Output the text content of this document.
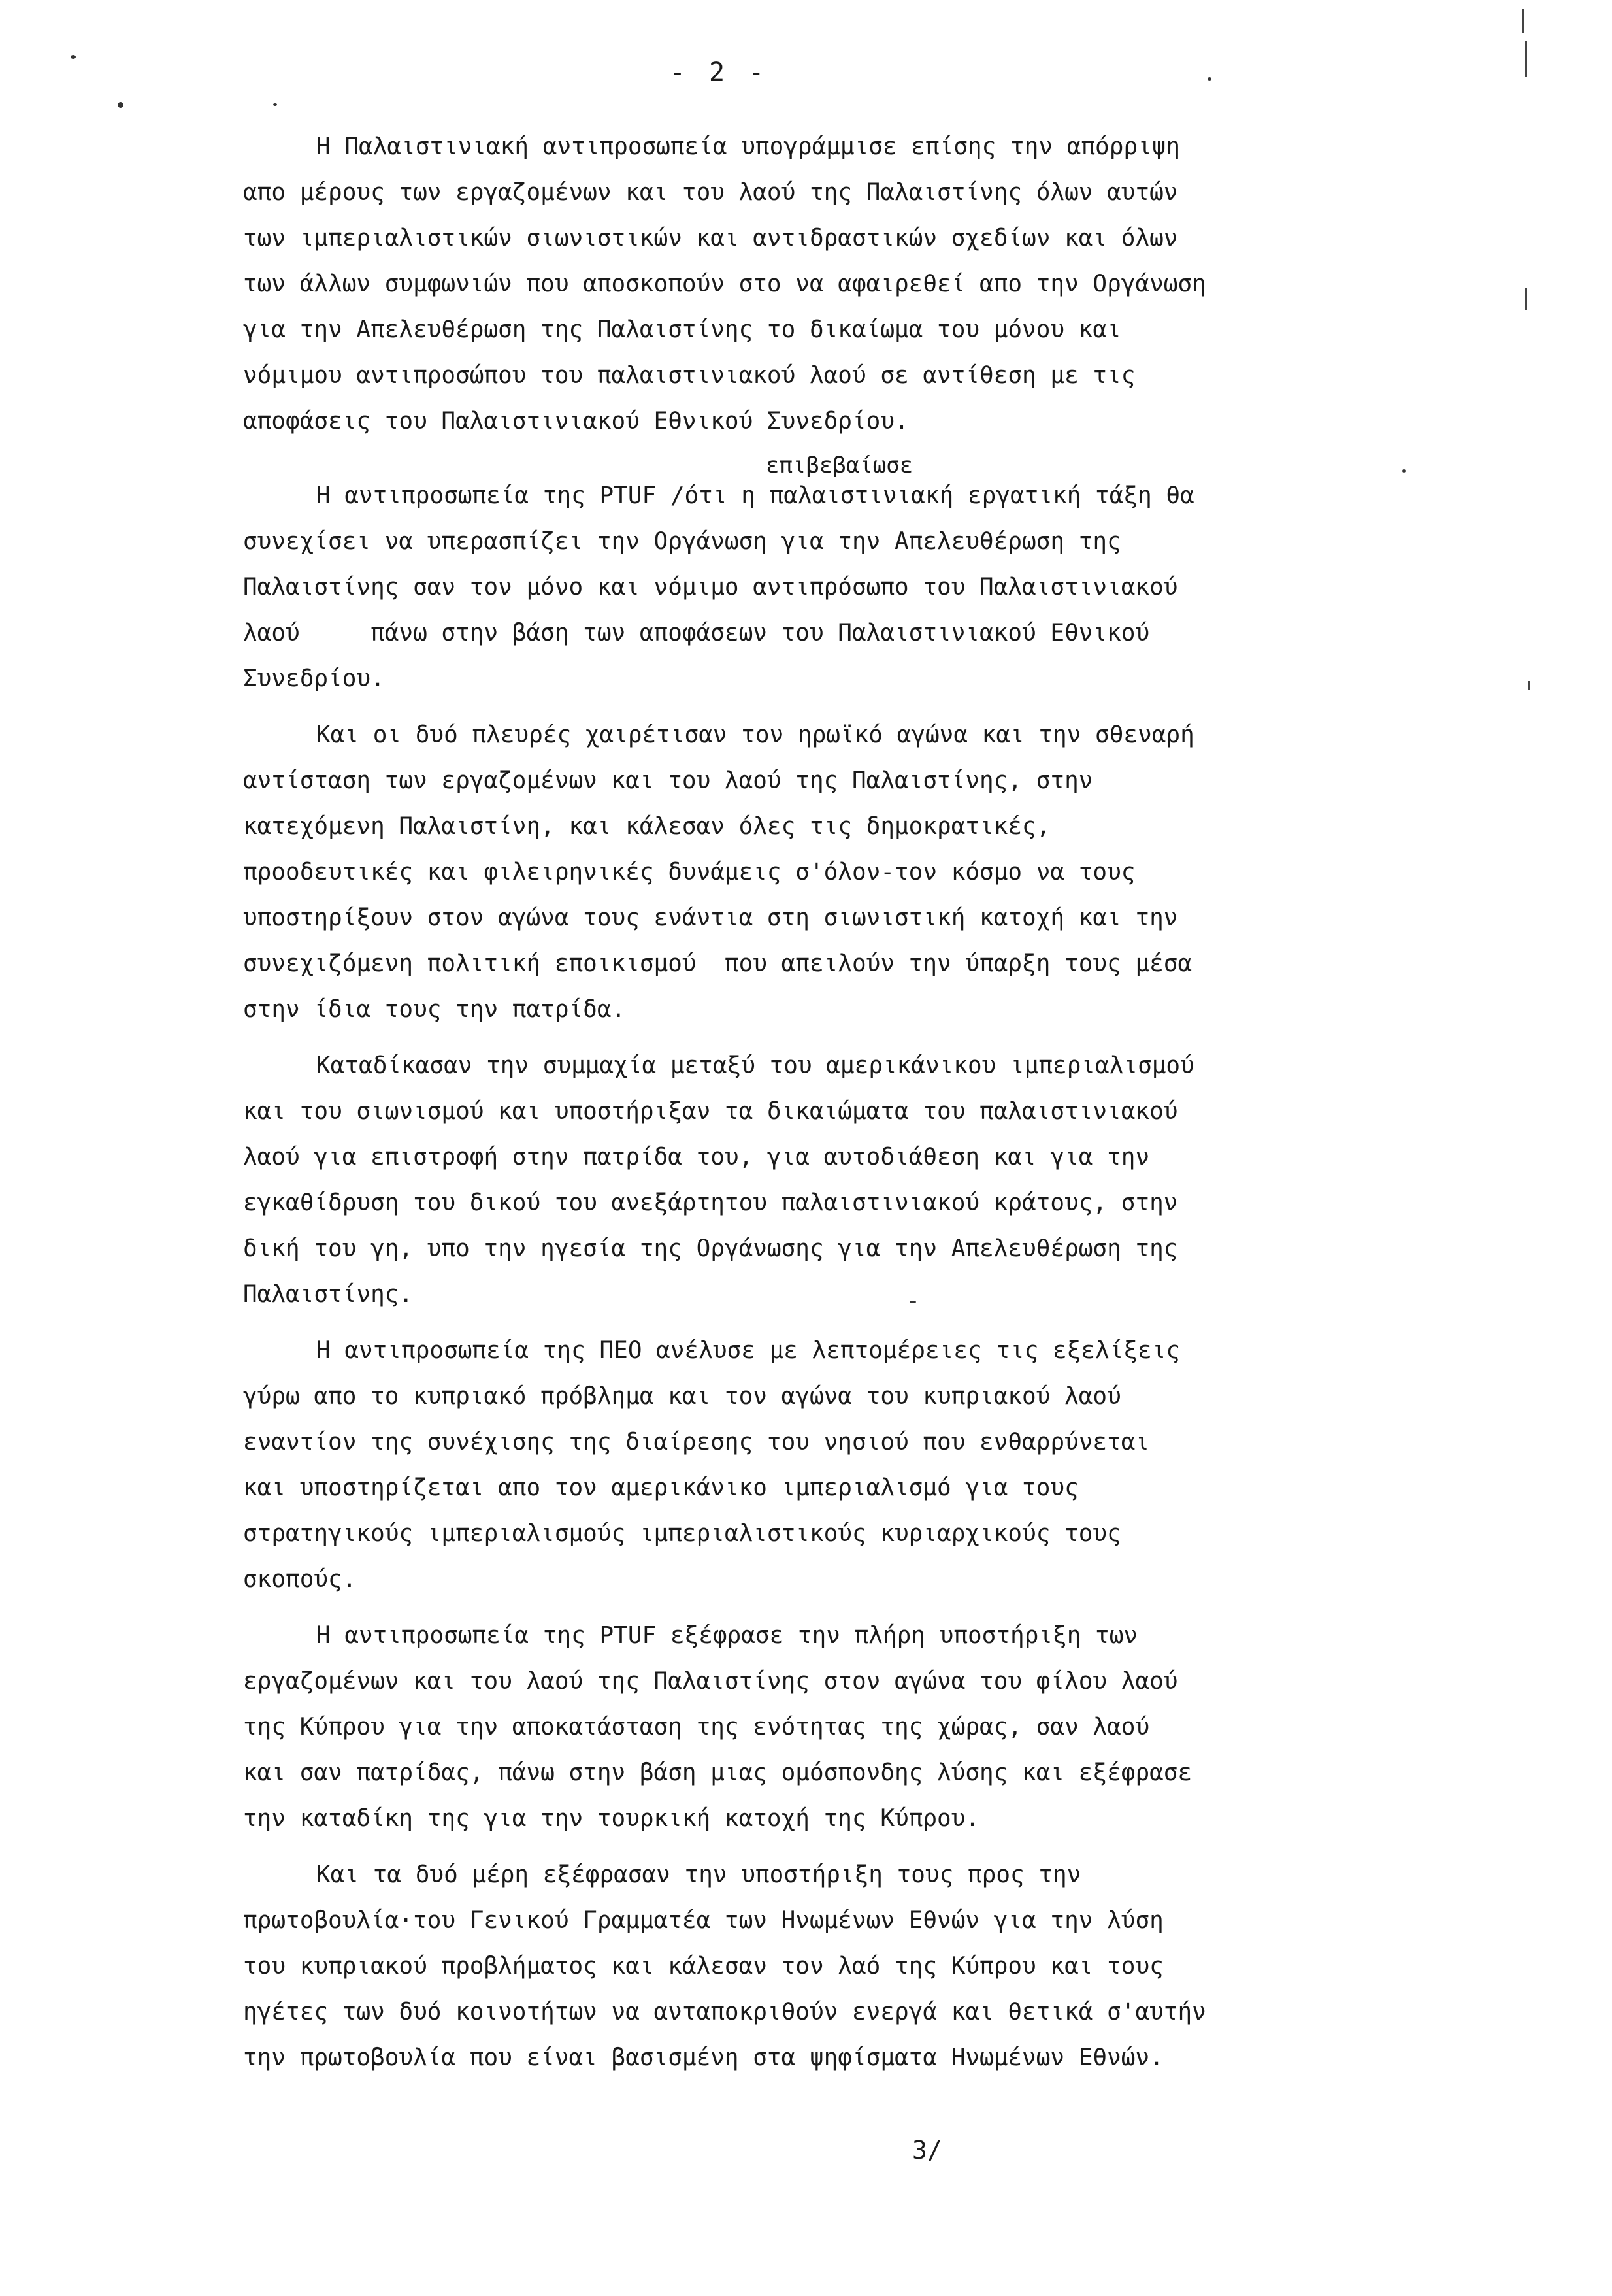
- 2 -

Η Παλαιστινιακή αντιπροσωπεία υπογράμμισε επίσης την απόρριψη
απο μέρους των εργαζομένων και του λαού της Παλαιστίνης όλων αυτών
των ιμπεριαλιστικών σιωνιστικών και αντιδραστικών σχεδίων και όλων
των άλλων συμφωνιών που αποσκοπούν στο να αφαιρεθεί απο την Οργάνωση
για την Απελευθέρωση της Παλαιστίνης το δικαίωμα του μόνου και
νόμιμου αντιπροσώπου του παλαιστινιακού λαού σε αντίθεση με τις
αποφάσεις του Παλαιστινιακού Εθνικού Συνεδρίου.

επιβεβαίωσε

Η αντιπροσωπεία της PTUF /ότι η παλαιστινιακή εργατική τάξη θα
συνεχίσει να υπερασπίζει την Οργάνωση για την Απελευθέρωση της
Παλαιστίνης σαν τον μόνο και νόμιμο αντιπρόσωπο του Παλαιστινιακού
λαού     πάνω στην βάση των αποφάσεων του Παλαιστινιακού Εθνικού
Συνεδρίου.

Και οι δυό πλευρές χαιρέτισαν τον ηρωϊκό αγώνα και την σθεναρή
αντίσταση των εργαζομένων και του λαού της Παλαιστίνης, στην
κατεχόμενη Παλαιστίνη, και κάλεσαν όλες τις δημοκρατικές,
προοδευτικές και φιλειρηνικές δυνάμεις σ'όλον-τον κόσμο να τους
υποστηρίξουν στον αγώνα τους ενάντια στη σιωνιστική κατοχή και την
συνεχιζόμενη πολιτική εποικισμού  που απειλούν την ύπαρξη τους μέσα
στην ίδια τους την πατρίδα.

Καταδίκασαν την συμμαχία μεταξύ του αμερικάνικου ιμπεριαλισμού
και του σιωνισμού και υποστήριξαν τα δικαιώματα του παλαιστινιακού
λαού για επιστροφή στην πατρίδα του, για αυτοδιάθεση και για την
εγκαθίδρυση του δικού του ανεξάρτητου παλαιστινιακού κράτους, στην
δική του γη, υπο την ηγεσία της Οργάνωσης για την Απελευθέρωση της
Παλαιστίνης.

Η αντιπροσωπεία της ΠΕΟ ανέλυσε με λεπτομέρειες τις εξελίξεις
γύρω απο το κυπριακό πρόβλημα και τον αγώνα του κυπριακού λαού
εναντίον της συνέχισης της διαίρεσης του νησιού που ενθαρρύνεται
και υποστηρίζεται απο τον αμερικάνικο ιμπεριαλισμό για τους
στρατηγικούς ιμπεριαλισμούς ιμπεριαλιστικούς κυριαρχικούς τους
σκοπούς.

Η αντιπροσωπεία της PTUF εξέφρασε την πλήρη υποστήριξη των
εργαζομένων και του λαού της Παλαιστίνης στον αγώνα του φίλου λαού
της Κύπρου για την αποκατάσταση της ενότητας της χώρας, σαν λαού
και σαν πατρίδας, πάνω στην βάση μιας ομόσπονδης λύσης και εξέφρασε
την καταδίκη της για την τουρκική κατοχή της Κύπρου.

Και τα δυό μέρη εξέφρασαν την υποστήριξη τους προς την
πρωτοβουλία·του Γενικού Γραμματέα των Ηνωμένων Εθνών για την λύση
του κυπριακού προβλήματος και κάλεσαν τον λαό της Κύπρου και τους
ηγέτες των δυό κοινοτήτων να ανταποκριθούν ενεργά και θετικά σ'αυτήν
την πρωτοβουλία που είναι βασισμένη στα ψηφίσματα Ηνωμένων Εθνών.

3/
